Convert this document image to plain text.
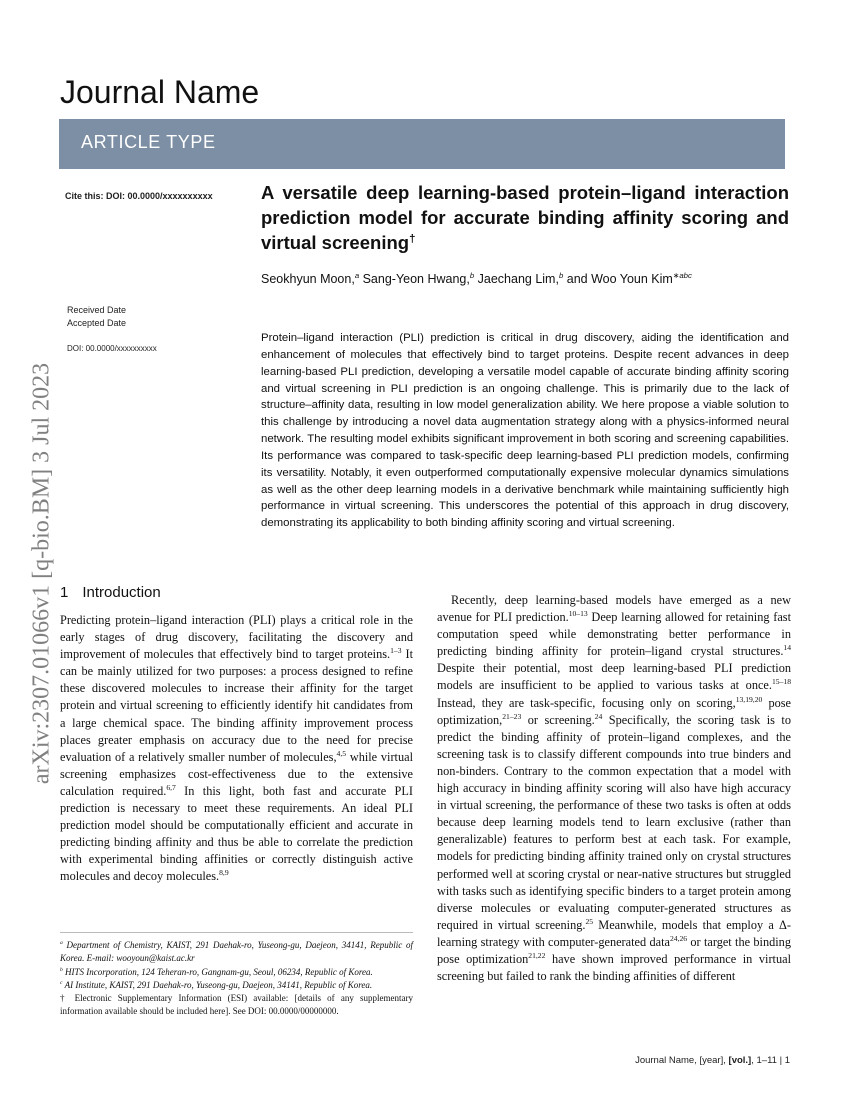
Journal Name
ARTICLE TYPE
arXiv:2307.01066v1 [q-bio.BM] 3 Jul 2023
Cite this: DOI: 00.0000/xxxxxxxxxx
Received Date
Accepted Date
DOI: 00.0000/xxxxxxxxxx
A versatile deep learning-based protein–ligand interaction prediction model for accurate binding affinity scoring and virtual screening†
Seokhyun Moon,$^a$ Sang-Yeon Hwang,$^b$ Jaechang Lim,$^b$ and Woo Youn Kim$^{∗abc}$
Protein–ligand interaction (PLI) prediction is critical in drug discovery, aiding the identification and enhancement of molecules that effectively bind to target proteins. Despite recent advances in deep learning-based PLI prediction, developing a versatile model capable of accurate binding affinity scoring and virtual screening in PLI prediction is an ongoing challenge. This is primarily due to the lack of structure–affinity data, resulting in low model generalization ability. We here propose a viable solution to this challenge by introducing a novel data augmentation strategy along with a physics-informed neural network. The resulting model exhibits significant improvement in both scoring and screening capabilities. Its performance was compared to task-specific deep learning-based PLI prediction models, confirming its versatility. Notably, it even outperformed computationally expensive molecular dynamics simulations as well as the other deep learning models in a derivative benchmark while maintaining sufficiently high performance in virtual screening. This underscores the potential of this approach in drug discovery, demonstrating its applicability to both binding affinity scoring and virtual screening.
1 Introduction

Predicting protein–ligand interaction (PLI) plays a critical role in the early stages of drug discovery, facilitating the discovery and improvement of molecules that effectively bind to target proteins.$^{1-3}$ It can be mainly utilized for two purposes: a process designed to refine these discovered molecules to increase their affinity for the target protein and virtual screening to efficiently identify hit candidates from a large chemical space. The binding affinity improvement process places greater emphasis on accuracy due to the need for precise evaluation of a relatively smaller number of molecules,$^{4,5}$ while virtual screening emphasizes cost-effectiveness due to the extensive calculation required.$^{6,7}$ In this light, both fast and accurate PLI prediction is necessary to meet these requirements. An ideal PLI prediction model should be computationally efficient and accurate in predicting binding affinity and thus be able to correlate the prediction with experimental binding affinities or correctly distinguish active molecules and decoy molecules.$^{8,9}$

Recently, deep learning-based models have emerged as a new avenue for PLI prediction.$^{10-13}$ Deep learning allowed for retaining fast computation speed while demonstrating better performance in predicting binding affinity for protein–ligand crystal structures.$^{14}$ Despite their potential, most deep learning-based PLI prediction models are insufficient to be applied to various tasks at once.$^{15-18}$ Instead, they are task-specific, focusing only on scoring,$^{13,19,20}$ pose optimization,$^{21-23}$ or screening.$^{24}$ Specifically, the scoring task is to predict the binding affinity of protein–ligand complexes, and the screening task is to classify different compounds into true binders and non-binders. Contrary to the common expectation that a model with high accuracy in binding affinity scoring will also have high accuracy in virtual screening, the performance of these two tasks is often at odds because deep learning models tend to learn exclusive (rather than generalizable) features to perform best at each task. For example, models for predicting binding affinity trained only on crystal structures performed well at scoring crystal or near-native structures but struggled with tasks such as identifying specific binders to a target protein among diverse molecules or evaluating computer-generated structures as required in virtual screening.$^{25}$ Meanwhile, models that employ a Δ-learning strategy with computer-generated data$^{24,26}$ or target the binding pose optimization$^{21,22}$ have shown improved performance in virtual screening but failed to rank the binding affinities of different

$^a$ Department of Chemistry, KAIST, 291 Daehak-ro, Yuseong-gu, Daejeon, 34141, Republic of Korea. E-mail: wooyoun@kaist.ac.kr

$^b$ HITS Incorporation, 124 Teheran-ro, Gangnam-gu, Seoul, 06234, Republic of Korea.

$^c$ AI Institute, KAIST, 291 Daehak-ro, Yuseong-gu, Daejeon, 34141, Republic of Korea.

† Electronic Supplementary Information (ESI) available: [details of any supplementary information available should be included here]. See DOI: 00.0000/00000000.

Journal Name, [year], [vol.], 1–11 | 1
